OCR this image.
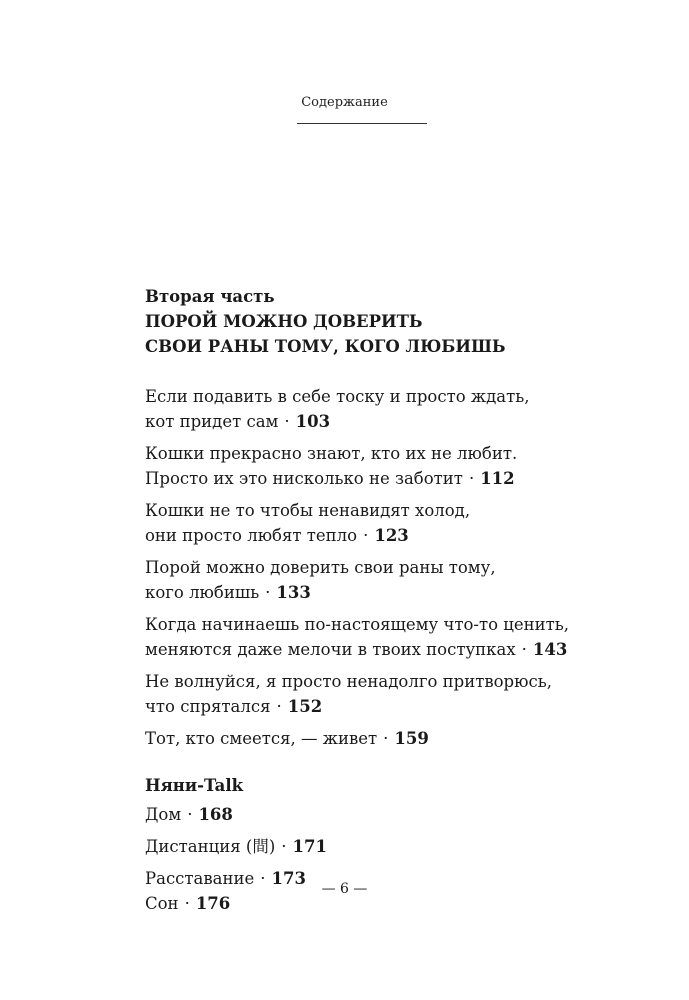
Содержание

Вторая часть

ПОРОЙ МОЖНО ДОВЕРИТЬ

СВОИ РАНЫ ТОМУ, КОГО ЛЮБИШЬ

Если подавить в себе тоску и просто ждать,
кот придет сам · 103
Кошки прекрасно знают, кто их не любит.
Просто их это нисколько не заботит · 112
Кошки не то чтобы ненавидят холод,
они просто любят тепло · 123
Порой можно доверить свои раны тому,
кого любишь · 133
Когда начинаешь по-настоящему что-то ценить,
меняются даже мелочи в твоих поступках · 143
Не волнуйся, я просто ненадолго притворюсь,
что спрятался · 152
Тот, кто смеется, — живет · 159
Няни-Talk
Дом · 168
Дистанция (間) · 171
Расставание · 173
Сон · 176
— 6 —
